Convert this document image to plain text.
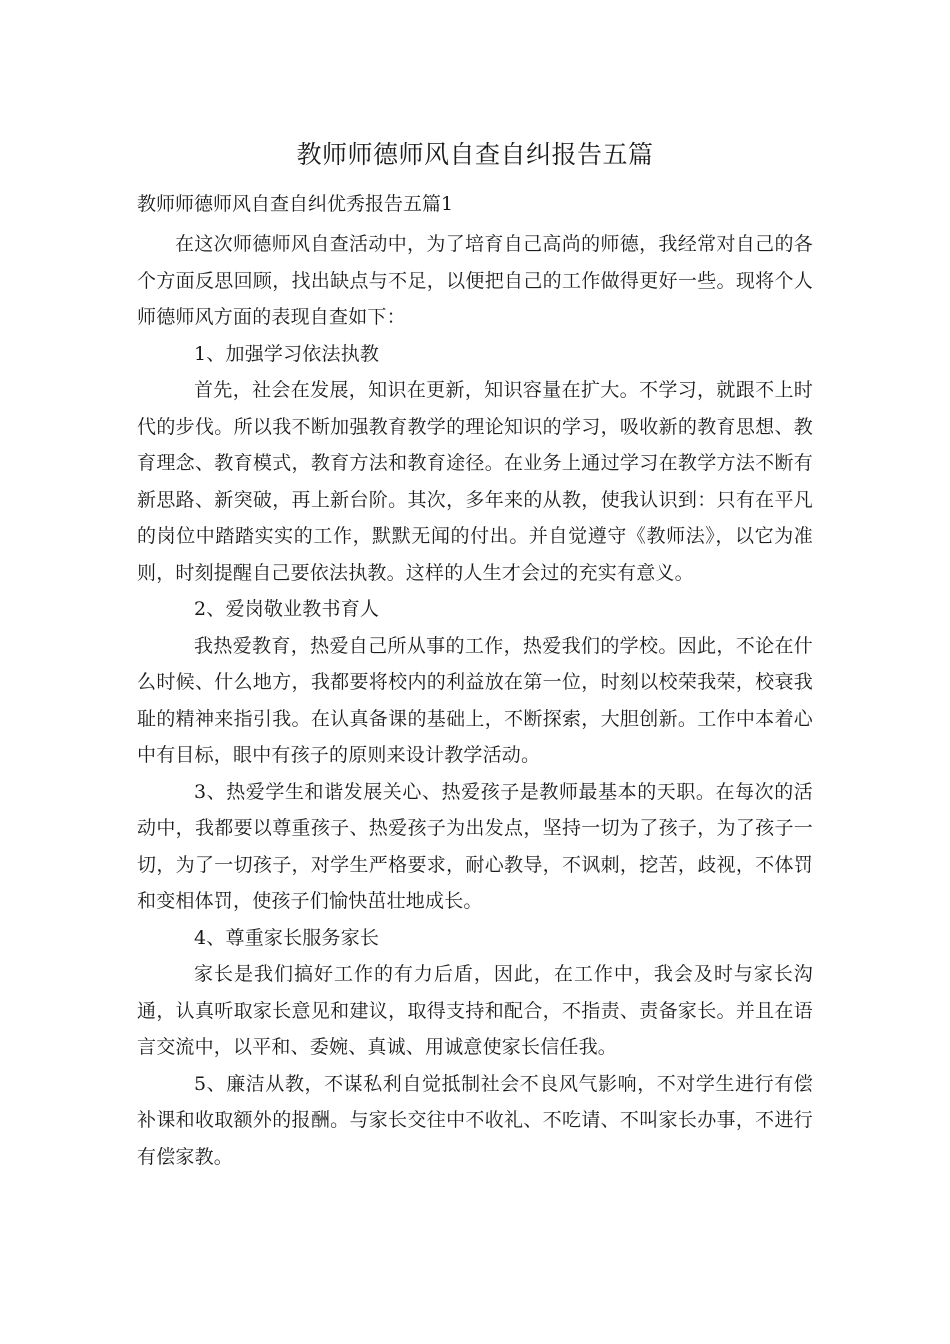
教师师德师风自查自纠报告五篇
教师师德师风自查自纠优秀报告五篇1

在这次师德师风自查活动中，为了培育自己高尚的师德，我经常对自己的各个方面反思回顾，找出缺点与不足，以便把自己的工作做得更好一些。现将个人师德师风方面的表现自查如下：

1、加强学习依法执教

首先，社会在发展，知识在更新，知识容量在扩大。不学习，就跟不上时代的步伐。所以我不断加强教育教学的理论知识的学习，吸收新的教育思想、教育理念、教育模式，教育方法和教育途径。在业务上通过学习在教学方法不断有新思路、新突破，再上新台阶。其次，多年来的从教，使我认识到：只有在平凡的岗位中踏踏实实的工作，默默无闻的付出。并自觉遵守《教师法》，以它为准则，时刻提醒自己要依法执教。这样的人生才会过的充实有意义。

2、爱岗敬业教书育人

我热爱教育，热爱自己所从事的工作，热爱我们的学校。因此，不论在什么时候、什么地方，我都要将校内的利益放在第一位，时刻以校荣我荣，校衰我耻的精神来指引我。在认真备课的基础上，不断探索，大胆创新。工作中本着心中有目标，眼中有孩子的原则来设计教学活动。

3、热爱学生和谐发展关心、热爱孩子是教师最基本的天职。在每次的活动中，我都要以尊重孩子、热爱孩子为出发点，坚持一切为了孩子，为了孩子一切，为了一切孩子，对学生严格要求，耐心教导，不讽刺，挖苦，歧视，不体罚和变相体罚，使孩子们愉快茁壮地成长。

4、尊重家长服务家长

家长是我们搞好工作的有力后盾，因此，在工作中，我会及时与家长沟通，认真听取家长意见和建议，取得支持和配合，不指责、责备家长。并且在语言交流中，以平和、委婉、真诚、用诚意使家长信任我。

5、廉洁从教，不谋私利自觉抵制社会不良风气影响，不对学生进行有偿补课和收取额外的报酬。与家长交往中不收礼、不吃请、不叫家长办事，不进行有偿家教。
